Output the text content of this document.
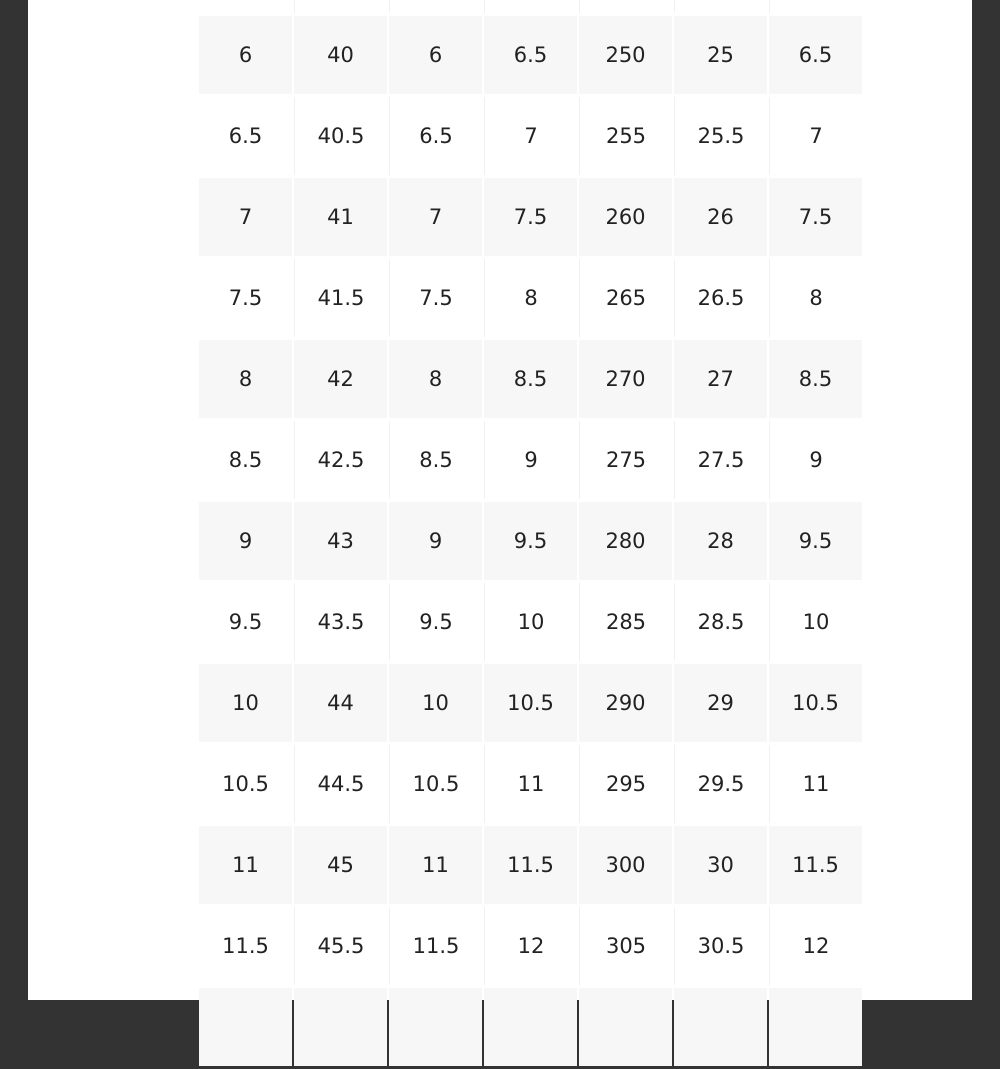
6	40	6	6.5	250	25	6.5
6.5	40.5	6.5	7	255	25.5	7
7	41	7	7.5	260	26	7.5
7.5	41.5	7.5	8	265	26.5	8
8	42	8	8.5	270	27	8.5
8.5	42.5	8.5	9	275	27.5	9
9	43	9	9.5	280	28	9.5
9.5	43.5	9.5	10	285	28.5	10
10	44	10	10.5	290	29	10.5
10.5	44.5	10.5	11	295	29.5	11
11	45	11	11.5	300	30	11.5
11.5	45.5	11.5	12	305	30.5	12
